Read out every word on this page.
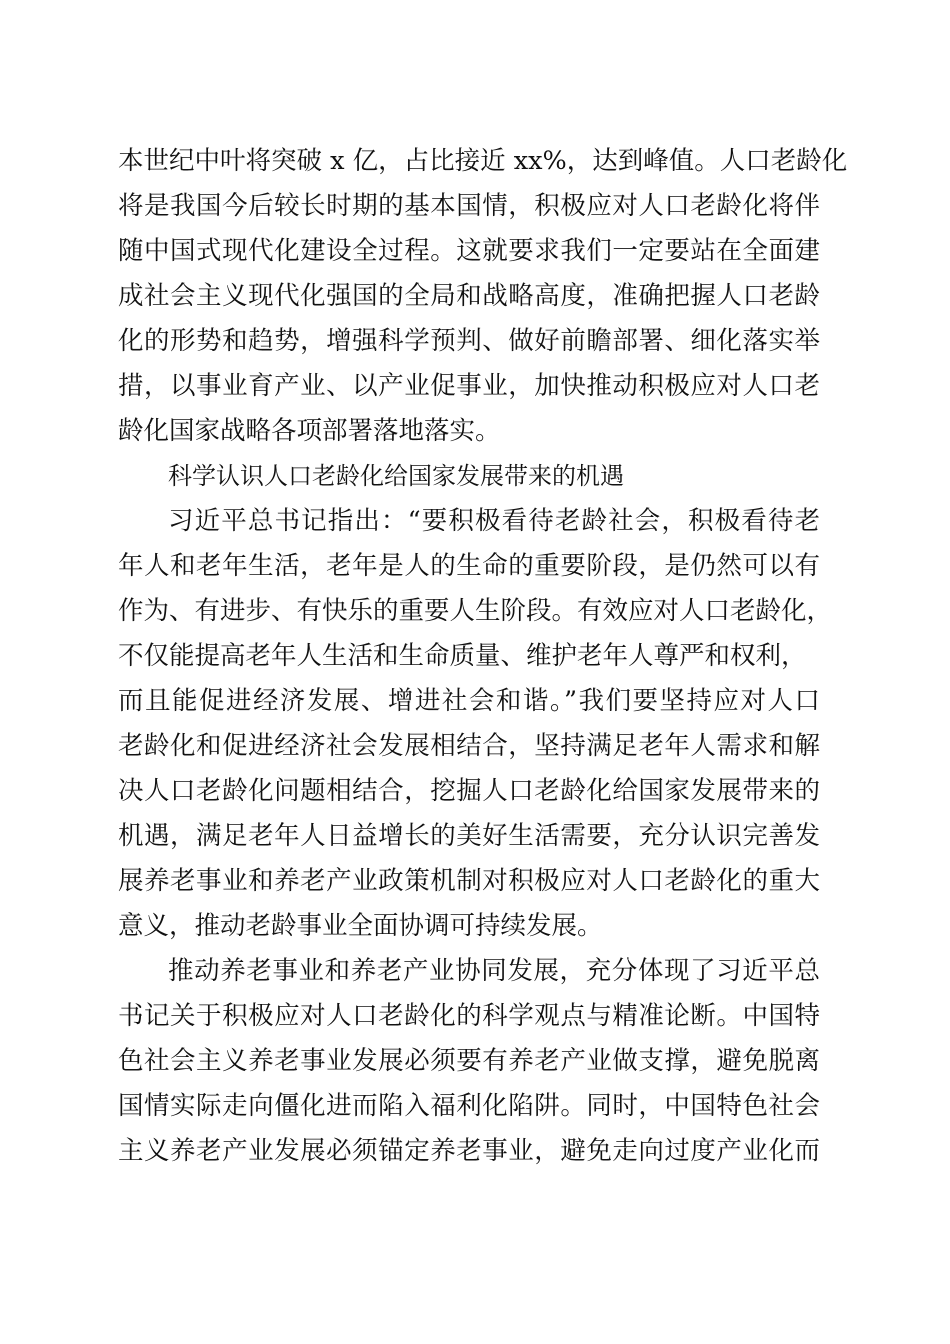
本世纪中叶将突破 x 亿，占比接近 xx%，达到峰值。人口老龄化
将是我国今后较长时期的基本国情，积极应对人口老龄化将伴
随中国式现代化建设全过程。这就要求我们一定要站在全面建
成社会主义现代化强国的全局和战略高度，准确把握人口老龄
化的形势和趋势，增强科学预判、做好前瞻部署、细化落实举
措，以事业育产业、以产业促事业，加快推动积极应对人口老
龄化国家战略各项部署落地落实。
科学认识人口老龄化给国家发展带来的机遇
习近平总书记指出：“要积极看待老龄社会，积极看待老
年人和老年生活，老年是人的生命的重要阶段，是仍然可以有
作为、有进步、有快乐的重要人生阶段。有效应对人口老龄化，
不仅能提高老年人生活和生命质量、维护老年人尊严和权利，
而且能促进经济发展、增进社会和谐。”我们要坚持应对人口
老龄化和促进经济社会发展相结合，坚持满足老年人需求和解
决人口老龄化问题相结合，挖掘人口老龄化给国家发展带来的
机遇，满足老年人日益增长的美好生活需要，充分认识完善发
展养老事业和养老产业政策机制对积极应对人口老龄化的重大
意义，推动老龄事业全面协调可持续发展。
推动养老事业和养老产业协同发展，充分体现了习近平总
书记关于积极应对人口老龄化的科学观点与精准论断。中国特
色社会主义养老事业发展必须要有养老产业做支撑，避免脱离
国情实际走向僵化进而陷入福利化陷阱。同时，中国特色社会
主义养老产业发展必须锚定养老事业，避免走向过度产业化而
